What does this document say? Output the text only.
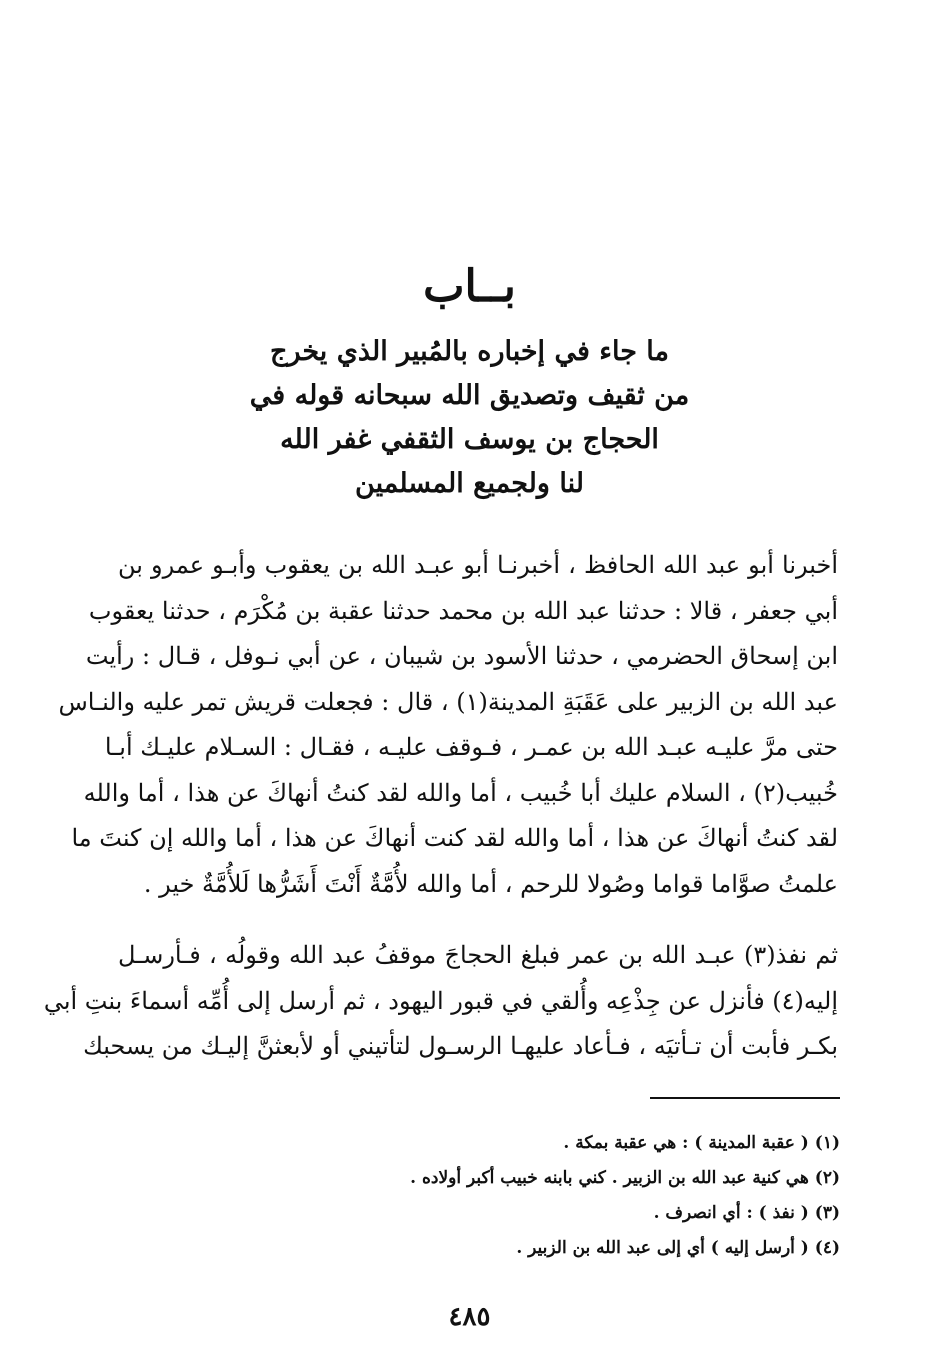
بــاب
ما جاء في إخباره بالمُبير الذي يخرج
من ثقيف وتصديق الله سبحانه قوله في
الحجاج بن يوسف الثقفي غفر الله
لنا ولجميع المسلمين
أخبرنا أبو عبد الله الحافظ ، أخبرنـا أبو عبـد الله بن يعقوب وأبـو عمرو بن
أبي جعفر ، قالا : حدثنا عبد الله بن محمد حدثنا عقبة بن مُكْرَم ، حدثنا يعقوب
ابن إسحاق الحضرمي ، حدثنا الأسود بن شيبان ، عن أبي نـوفل ، قـال : رأيت
عبد الله بن الزبير على عَقَبَةِ المدينة(١) ، قال : فجعلت قريش تمر عليه والنـاس
حتى مرَّ عليـه عبـد الله بن عمـر ، فـوقف عليـه ، فقـال : السـلام عليـك أبـا
خُبيب(٢) ، السلام عليك أبا خُبيب ، أما والله لقد كنتُ أنهاكَ عن هذا ، أما والله
لقد كنتُ أنهاكَ عن هذا ، أما والله لقد كنت أنهاكَ عن هذا ، أما والله إن كنتَ ما
علمتُ صوَّاما قواما وصُولا للرحم ، أما والله لأُمَّةٌ أَنْتَ أَشَرُّها لَلأُمَّةٌ خير .
ثم نفذ(٣) عبـد الله بن عمر فبلغ الحجاجَ موقفُ عبد الله وقولُه ، فـأرسـل
إليه(٤) فأنزل عن جِذْعِه وأُلقي في قبور اليهود ، ثم أرسل إلى أُمِّه أسماءَ بنتِ أبي
بكـر فأبت أن تـأتيَه ، فـأعاد عليهـا الرسـول لتأتيني أو لأبعثنَّ إليـك من يسحبك
(١) ( عقبة المدينة ) : هي عقبة بمكة .
(٢) هي كنية عبد الله بن الزبير . كني بابنه خبيب أكبر أولاده .
(٣) ( نفذ ) : أي انصرف .
(٤) ( أرسل إليه ) أي إلى عبد الله بن الزبير .
٤٨٥
